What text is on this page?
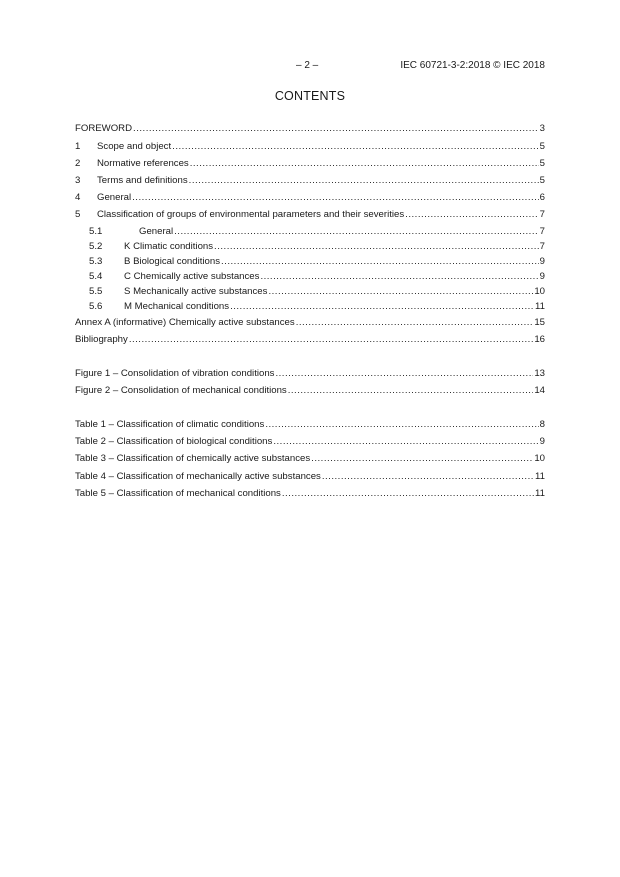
– 2 –	IEC 60721-3-2:2018 © IEC 2018
CONTENTS
FOREWORD .....	3
1	Scope and object .....	5
2	Normative references .....	5
3	Terms and definitions .....	5
4	General .....	6
5	Classification of groups of environmental parameters and their severities .....	7
5.1	General .....	7
5.2	K Climatic conditions .....	7
5.3	B Biological conditions .....	9
5.4	C Chemically active substances .....	9
5.5	S Mechanically active substances .....	10
5.6	M Mechanical conditions .....	11
Annex A (informative) Chemically active substances .....	15
Bibliography .....	16
Figure 1 – Consolidation of vibration conditions .....	13
Figure 2 – Consolidation of mechanical conditions .....	14
Table 1 – Classification of climatic conditions .....	8
Table 2 – Classification of biological conditions .....	9
Table 3 – Classification of chemically active substances .....	10
Table 4 – Classification of mechanically active substances .....	11
Table 5 – Classification of mechanical conditions .....	11
